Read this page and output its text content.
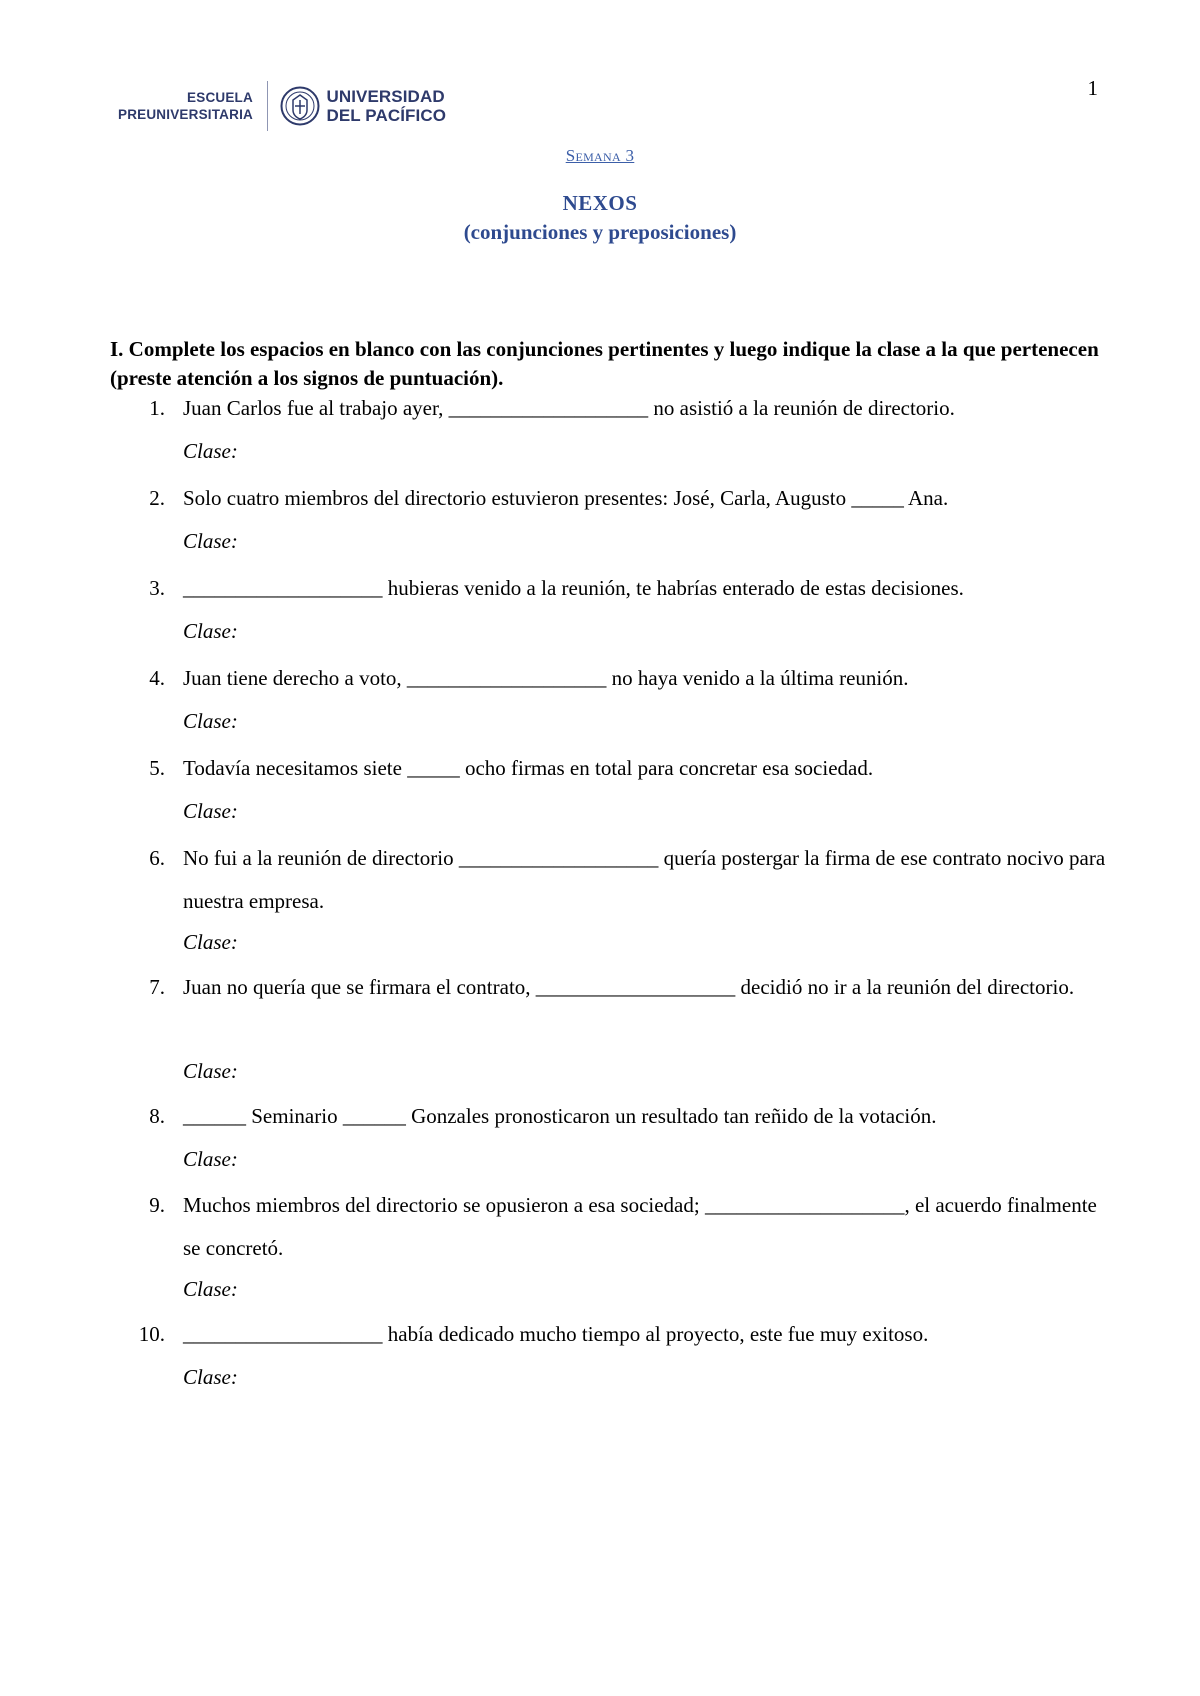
1
ESCUELA
PREUNIVERSITARIA
UNIVERSIDAD
DEL PACÍFICO
Semana 3
NEXOS
(conjunciones y preposiciones)
I. Complete los espacios en blanco con las conjunciones pertinentes y luego indique la clase a la que pertenecen (preste atención a los signos de puntuación).
1. Juan Carlos fue al trabajo ayer, ___________________ no asistió a la reunión de directorio.
Clase:
2. Solo cuatro miembros del directorio estuvieron presentes: José, Carla, Augusto _____ Ana.
Clase:
3. ___________________ hubieras venido a la reunión, te habrías enterado de estas decisiones.
Clase:
4. Juan tiene derecho a voto, ___________________ no haya venido a la última reunión.
Clase:
5. Todavía necesitamos siete _____ ocho firmas en total para concretar esa sociedad.
Clase:
6. No fui a la reunión de directorio ___________________ quería postergar la firma de ese contrato nocivo para nuestra empresa.
Clase:
7. Juan no quería que se firmara el contrato, ___________________ decidió no ir a la reunión del directorio.
Clase:
8. ______ Seminario ______ Gonzales pronosticaron un resultado tan reñido de la votación.
Clase:
9. Muchos miembros del directorio se opusieron a esa sociedad; ___________________, el acuerdo finalmente se concretó.
Clase:
10. ___________________ había dedicado mucho tiempo al proyecto, este fue muy exitoso.
Clase:
